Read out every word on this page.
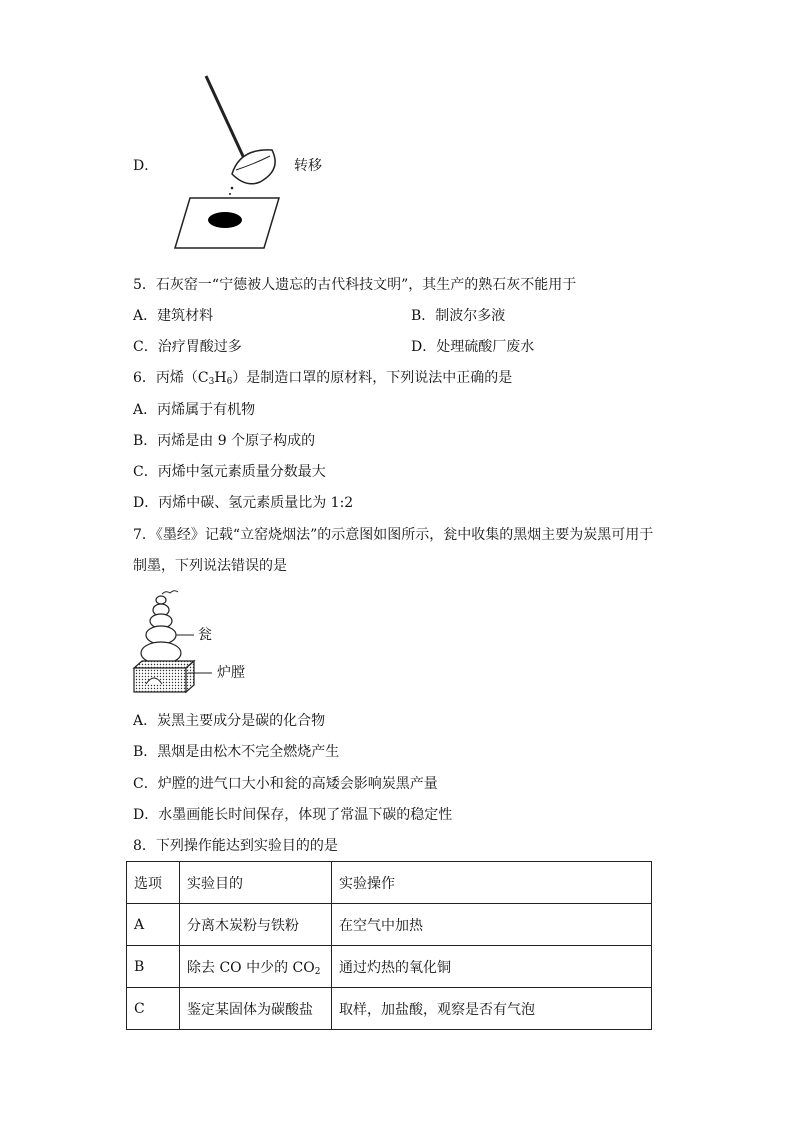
D．	转移
5．石灰窑一“宁德被人遗忘的古代科技文明”，其生产的熟石灰不能用于
A．建筑材料	B．制波尔多液
C．治疗胃酸过多	D．处理硫酸厂废水
6．丙烯$(C_3H_6)$是制造口罩的原材料，下列说法中正确的是
A．丙烯属于有机物
B．丙烯是由 9 个原子构成的
C．丙烯中氢元素质量分数最大
D．丙烯中碳、氢元素质量比为 1:2
7．《墨经》记载“立窑烧烟法”的示意图如图所示，瓮中收集的黑烟主要为炭黑可用于
制墨，下列说法错误的是
瓮
炉膛
A．炭黑主要成分是碳的化合物
B．黑烟是由松木不完全燃烧产生
C．炉膛的进气口大小和瓮的高矮会影响炭黑产量
D．水墨画能长时间保存，体现了常温下碳的稳定性
8．下列操作能达到实验目的的是
选项	实验目的	实验操作
A	分离木炭粉与铁粉	在空气中加热
B	除去 CO 中少的 $CO_2$	通过灼热的氧化铜
C	鉴定某固体为碳酸盐	取样，加盐酸，观察是否有气泡
